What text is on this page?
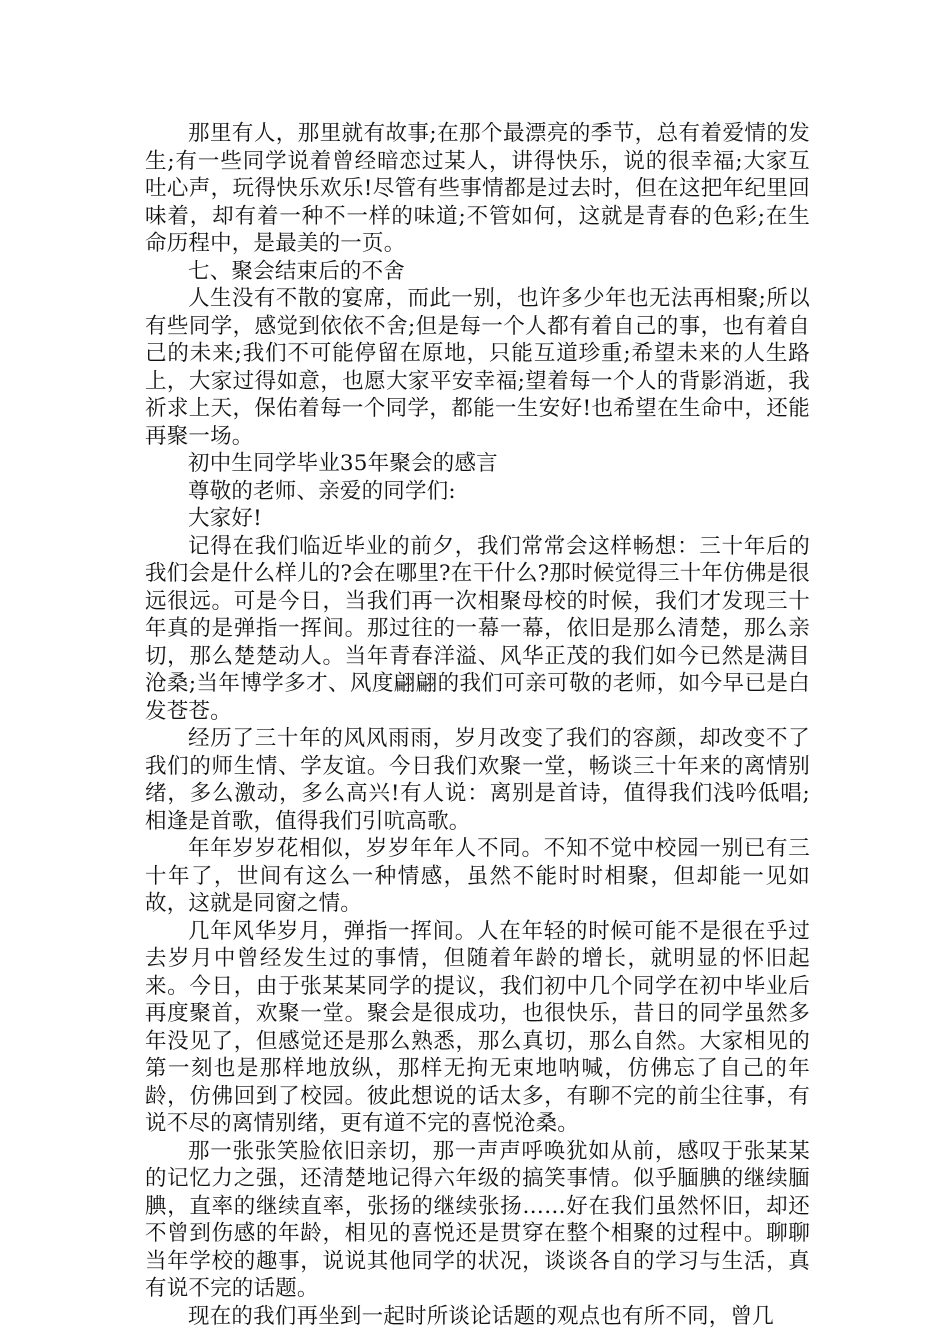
那里有人，那里就有故事;在那个最漂亮的季节，总有着爱情的发生;有一些同学说着曾经暗恋过某人，讲得快乐，说的很幸福;大家互吐心声，玩得快乐欢乐!尽管有些事情都是过去时，但在这把年纪里回味着，却有着一种不一样的味道;不管如何，这就是青春的色彩;在生命历程中，是最美的一页。

七、聚会结束后的不舍

人生没有不散的宴席，而此一别，也许多少年也无法再相聚;所以有些同学，感觉到依依不舍;但是每一个人都有着自己的事，也有着自己的未来;我们不可能停留在原地，只能互道珍重;希望未来的人生路上，大家过得如意，也愿大家平安幸福;望着每一个人的背影消逝，我祈求上天，保佑着每一个同学，都能一生安好!也希望在生命中，还能再聚一场。

初中生同学毕业35年聚会的感言

尊敬的老师、亲爱的同学们:

大家好!

记得在我们临近毕业的前夕，我们常常会这样畅想：三十年后的我们会是什么样儿的?会在哪里?在干什么?那时候觉得三十年仿佛是很远很远。可是今日，当我们再一次相聚母校的时候，我们才发现三十年真的是弹指一挥间。那过往的一幕一幕，依旧是那么清楚，那么亲切，那么楚楚动人。当年青春洋溢、风华正茂的我们如今已然是满目沧桑;当年博学多才、风度翩翩的我们可亲可敬的老师，如今早已是白发苍苍。

经历了三十年的风风雨雨，岁月改变了我们的容颜，却改变不了我们的师生情、学友谊。今日我们欢聚一堂，畅谈三十年来的离情别绪，多么激动，多么高兴!有人说：离别是首诗，值得我们浅吟低唱;相逢是首歌，值得我们引吭高歌。

年年岁岁花相似，岁岁年年人不同。不知不觉中校园一别已有三十年了，世间有这么一种情感，虽然不能时时相聚，但却能一见如故，这就是同窗之情。

几年风华岁月，弹指一挥间。人在年轻的时候可能不是很在乎过去岁月中曾经发生过的事情，但随着年龄的增长，就明显的怀旧起来。今日，由于张某某同学的提议，我们初中几个同学在初中毕业后再度聚首，欢聚一堂。聚会是很成功，也很快乐，昔日的同学虽然多年没见了，但感觉还是那么熟悉，那么真切，那么自然。大家相见的第一刻也是那样地放纵，那样无拘无束地呐喊，仿佛忘了自己的年龄，仿佛回到了校园。彼此想说的话太多，有聊不完的前尘往事，有说不尽的离情别绪，更有道不完的喜悦沧桑。

那一张张笑脸依旧亲切，那一声声呼唤犹如从前，感叹于张某某的记忆力之强，还清楚地记得六年级的搞笑事情。似乎腼腆的继续腼腆，直率的继续直率，张扬的继续张扬……好在我们虽然怀旧，却还不曾到伤感的年龄，相见的喜悦还是贯穿在整个相聚的过程中。聊聊当年学校的趣事，说说其他同学的状况，谈谈各自的学习与生活，真有说不完的话题。

现在的我们再坐到一起时所谈论话题的观点也有所不同，曾几
